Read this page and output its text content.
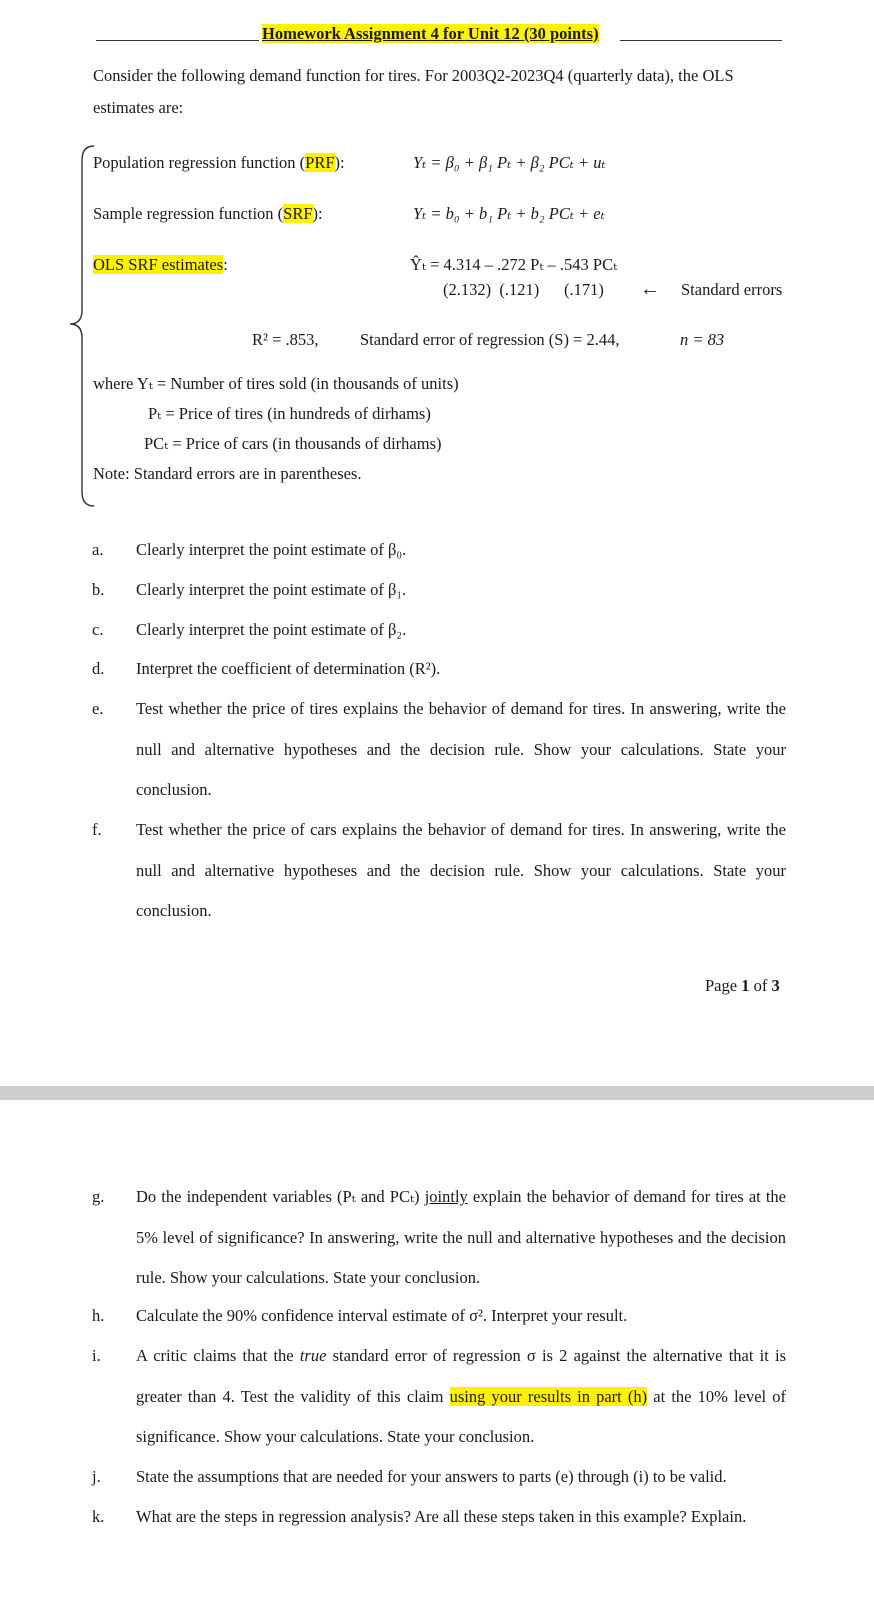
Homework Assignment 4 for Unit 12 (30 points)
Consider the following demand function for tires. For 2003Q2-2023Q4 (quarterly data), the OLS
estimates are:
Population regression function (PRF):	Yₜ = β₀ + β₁ Pₜ + β₂ PCₜ + uₜ
Sample regression function (SRF):	Yₜ = b₀ + b₁ Pₜ + b₂ PCₜ + eₜ
OLS SRF estimates:	Ŷₜ = 4.314 – .272 Pₜ – .543 PCₜ
(2.132)  (.121)      (.171) ← Standard errors
R² = .853,	Standard error of regression (S) = 2.44,	n = 83
where Yₜ = Number of tires sold (in thousands of units)
Pₜ = Price of tires (in hundreds of dirhams)
PCₜ = Price of cars (in thousands of dirhams)
Note: Standard errors are in parentheses.
a.	Clearly interpret the point estimate of β₀.
b.	Clearly interpret the point estimate of β₁.
c.	Clearly interpret the point estimate of β₂.
d.	Interpret the coefficient of determination (R²).
e.	Test whether the price of tires explains the behavior of demand for tires. In answering, write the null and alternative hypotheses and the decision rule. Show your calculations. State your conclusion.
f.	Test whether the price of cars explains the behavior of demand for tires. In answering, write the null and alternative hypotheses and the decision rule. Show your calculations. State your conclusion.
Page 1 of 3
g.	Do the independent variables (Pₜ and PCₜ) jointly explain the behavior of demand for tires at the 5% level of significance? In answering, write the null and alternative hypotheses and the decision rule. Show your calculations. State your conclusion.
h.	Calculate the 90% confidence interval estimate of σ². Interpret your result.
i.	A critic claims that the true standard error of regression σ is 2 against the alternative that it is greater than 4. Test the validity of this claim using your results in part (h) at the 10% level of significance. Show your calculations. State your conclusion.
j.	State the assumptions that are needed for your answers to parts (e) through (i) to be valid.
k.	What are the steps in regression analysis? Are all these steps taken in this example? Explain.
